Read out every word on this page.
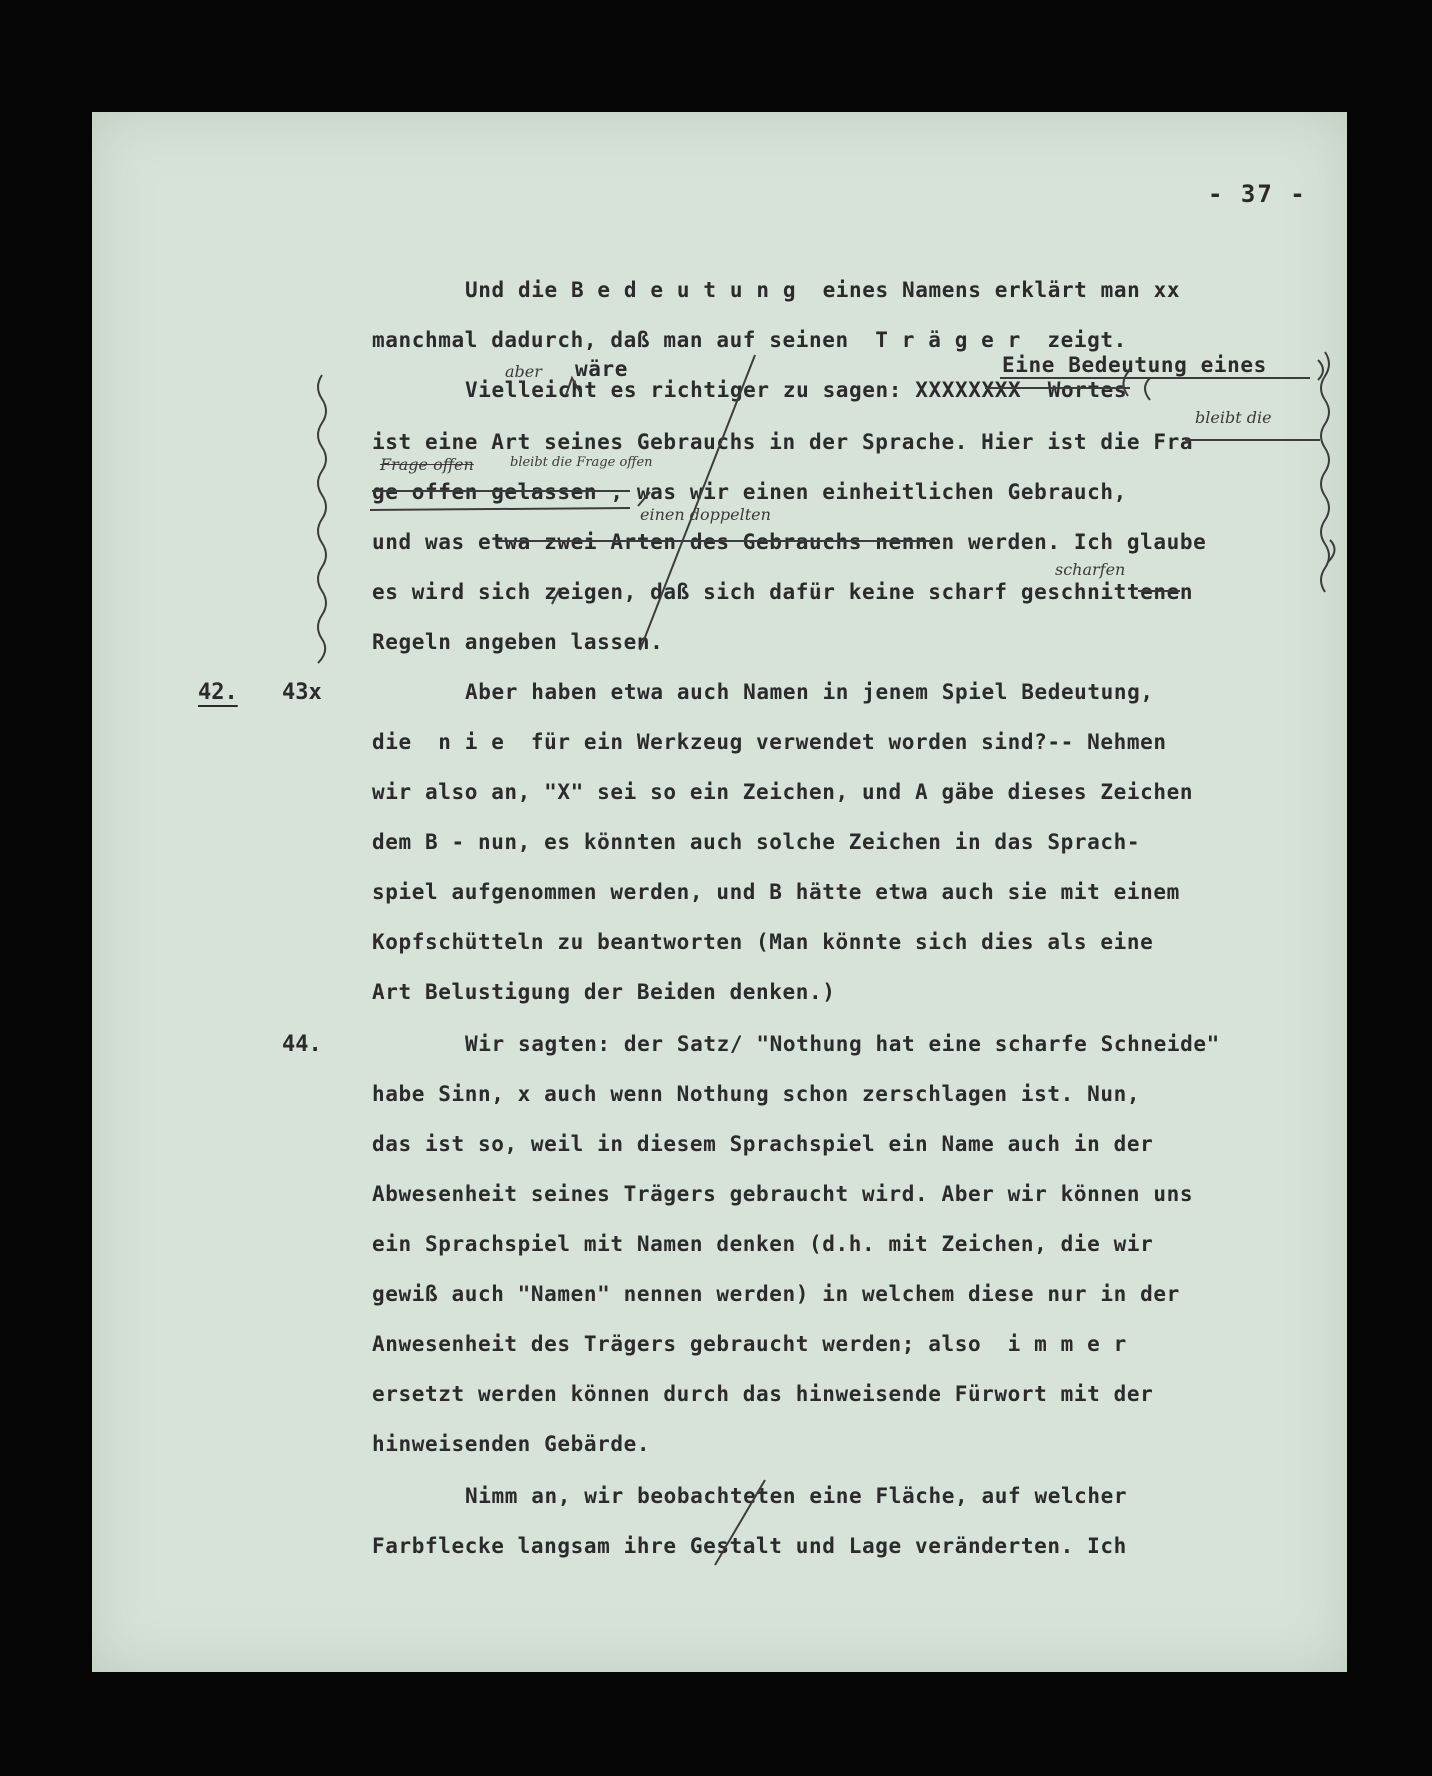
- 37 -
aber
bleibt die
Frage offen	bleibt die Frage offen
einen doppelten
scharfen
Und die B e d e u t u n g  eines Namens erklärt man xx
manchmal dadurch, daß man auf seinen  T r ä g e r  zeigt.
Eine Bedeutung eines
wäre
Vielleicht es richtiger zu sagen: XXXXXXXX  Wortes
ist eine Art seines Gebrauchs in der Sprache. Hier ist die Fra
ge offen gelassen , was wir einen einheitlichen Gebrauch,
und was etwa zwei Arten des Gebrauchs nennen werden. Ich glaube
es wird sich zeigen, daß sich dafür keine scharf geschnittenen
Regeln angeben lassen.
42. 43x	Aber haben etwa auch Namen in jenem Spiel Bedeutung,
die  n i e  für ein Werkzeug verwendet worden sind?-- Nehmen
wir also an, "X" sei so ein Zeichen, und A gäbe dieses Zeichen
dem B - nun, es könnten auch solche Zeichen in das Sprach-
spiel aufgenommen werden, und B hätte etwa auch sie mit einem
Kopfschütteln zu beantworten (Man könnte sich dies als eine
Art Belustigung der Beiden denken.)
44.	Wir sagten: der Satz/ "Nothung hat eine scharfe Schneide"
habe Sinn, x auch wenn Nothung schon zerschlagen ist. Nun,
das ist so, weil in diesem Sprachspiel ein Name auch in der
Abwesenheit seines Trägers gebraucht wird. Aber wir können uns
ein Sprachspiel mit Namen denken (d.h. mit Zeichen, die wir
gewiß auch "Namen" nennen werden) in welchem diese nur in der
Anwesenheit des Trägers gebraucht werden; also  i m m e r
ersetzt werden können durch das hinweisende Fürwort mit der
hinweisenden Gebärde.
Nimm an, wir beobachteten eine Fläche, auf welcher
Farbflecke langsam ihre Gestalt und Lage veränderten. Ich
